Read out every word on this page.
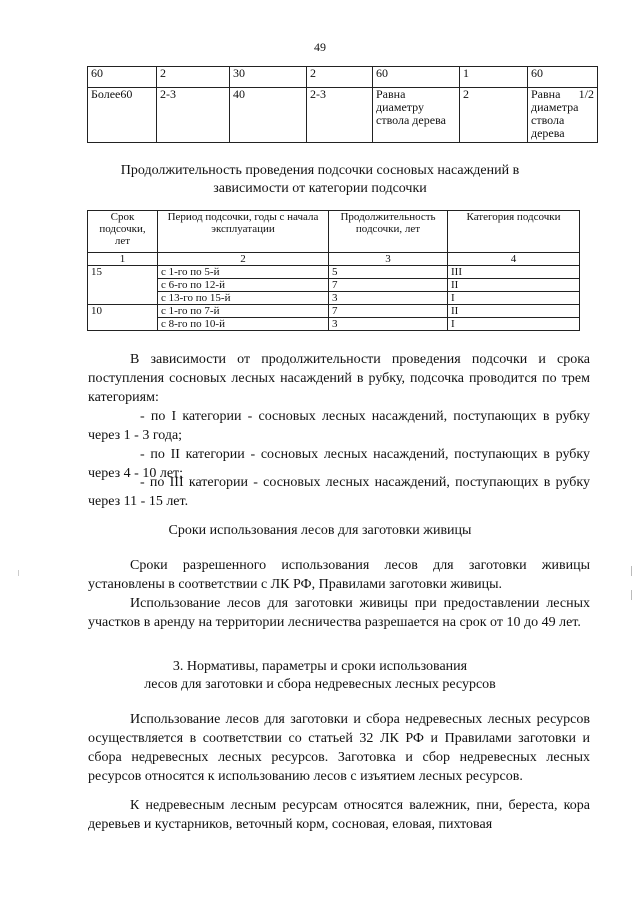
49
60	2	30	2	60	1	60
Более60	2-3	40	2-3	Равна диаметру ствола дерева	2	Равна 1/2 диаметра ствола дерева
Продолжительность проведения подсочки сосновых насаждений в
зависимости от категории подсочки
Срок подсочки, лет	Период подсочки, годы с начала эксплуатации	Продолжительность подсочки, лет	Категория подсочки
1	2	3	4
15	с 1-го по 5-й	5	III
	с 6-го по 12-й	7	II
	с 13-го по 15-й	3	I
10	с 1-го по 7-й	7	II
	с 8-го по 10-й	3	I

В зависимости от продолжительности проведения подсочки и срока поступления сосновых лесных насаждений в рубку, подсочка проводится по трем категориям:

- по I категории - сосновых лесных насаждений, поступающих в рубку через 1 - 3 года;

- по II категории - сосновых лесных насаждений, поступающих в рубку через 4 - 10 лет;

- по III категории - сосновых лесных насаждений, поступающих в рубку через 11 - 15 лет.

Сроки использования лесов для заготовки живицы

Сроки разрешенного использования лесов для заготовки живицы установлены в соответствии с ЛК РФ, Правилами заготовки живицы.

Использование лесов для заготовки живицы при предоставлении лесных участков в аренду на территории лесничества разрешается на срок от 10 до 49 лет.

3. Нормативы, параметры и сроки использования
лесов для заготовки и сбора недревесных лесных ресурсов

Использование лесов для заготовки и сбора недревесных лесных ресурсов осуществляется в соответствии со статьей 32 ЛК РФ и Правилами заготовки и сбора недревесных лесных ресурсов. Заготовка и сбор недревесных лесных ресурсов относятся к использованию лесов с изъятием лесных ресурсов.

К недревесным лесным ресурсам относятся валежник, пни, береста, кора деревьев и кустарников, веточный корм, сосновая, еловая, пихтовая
